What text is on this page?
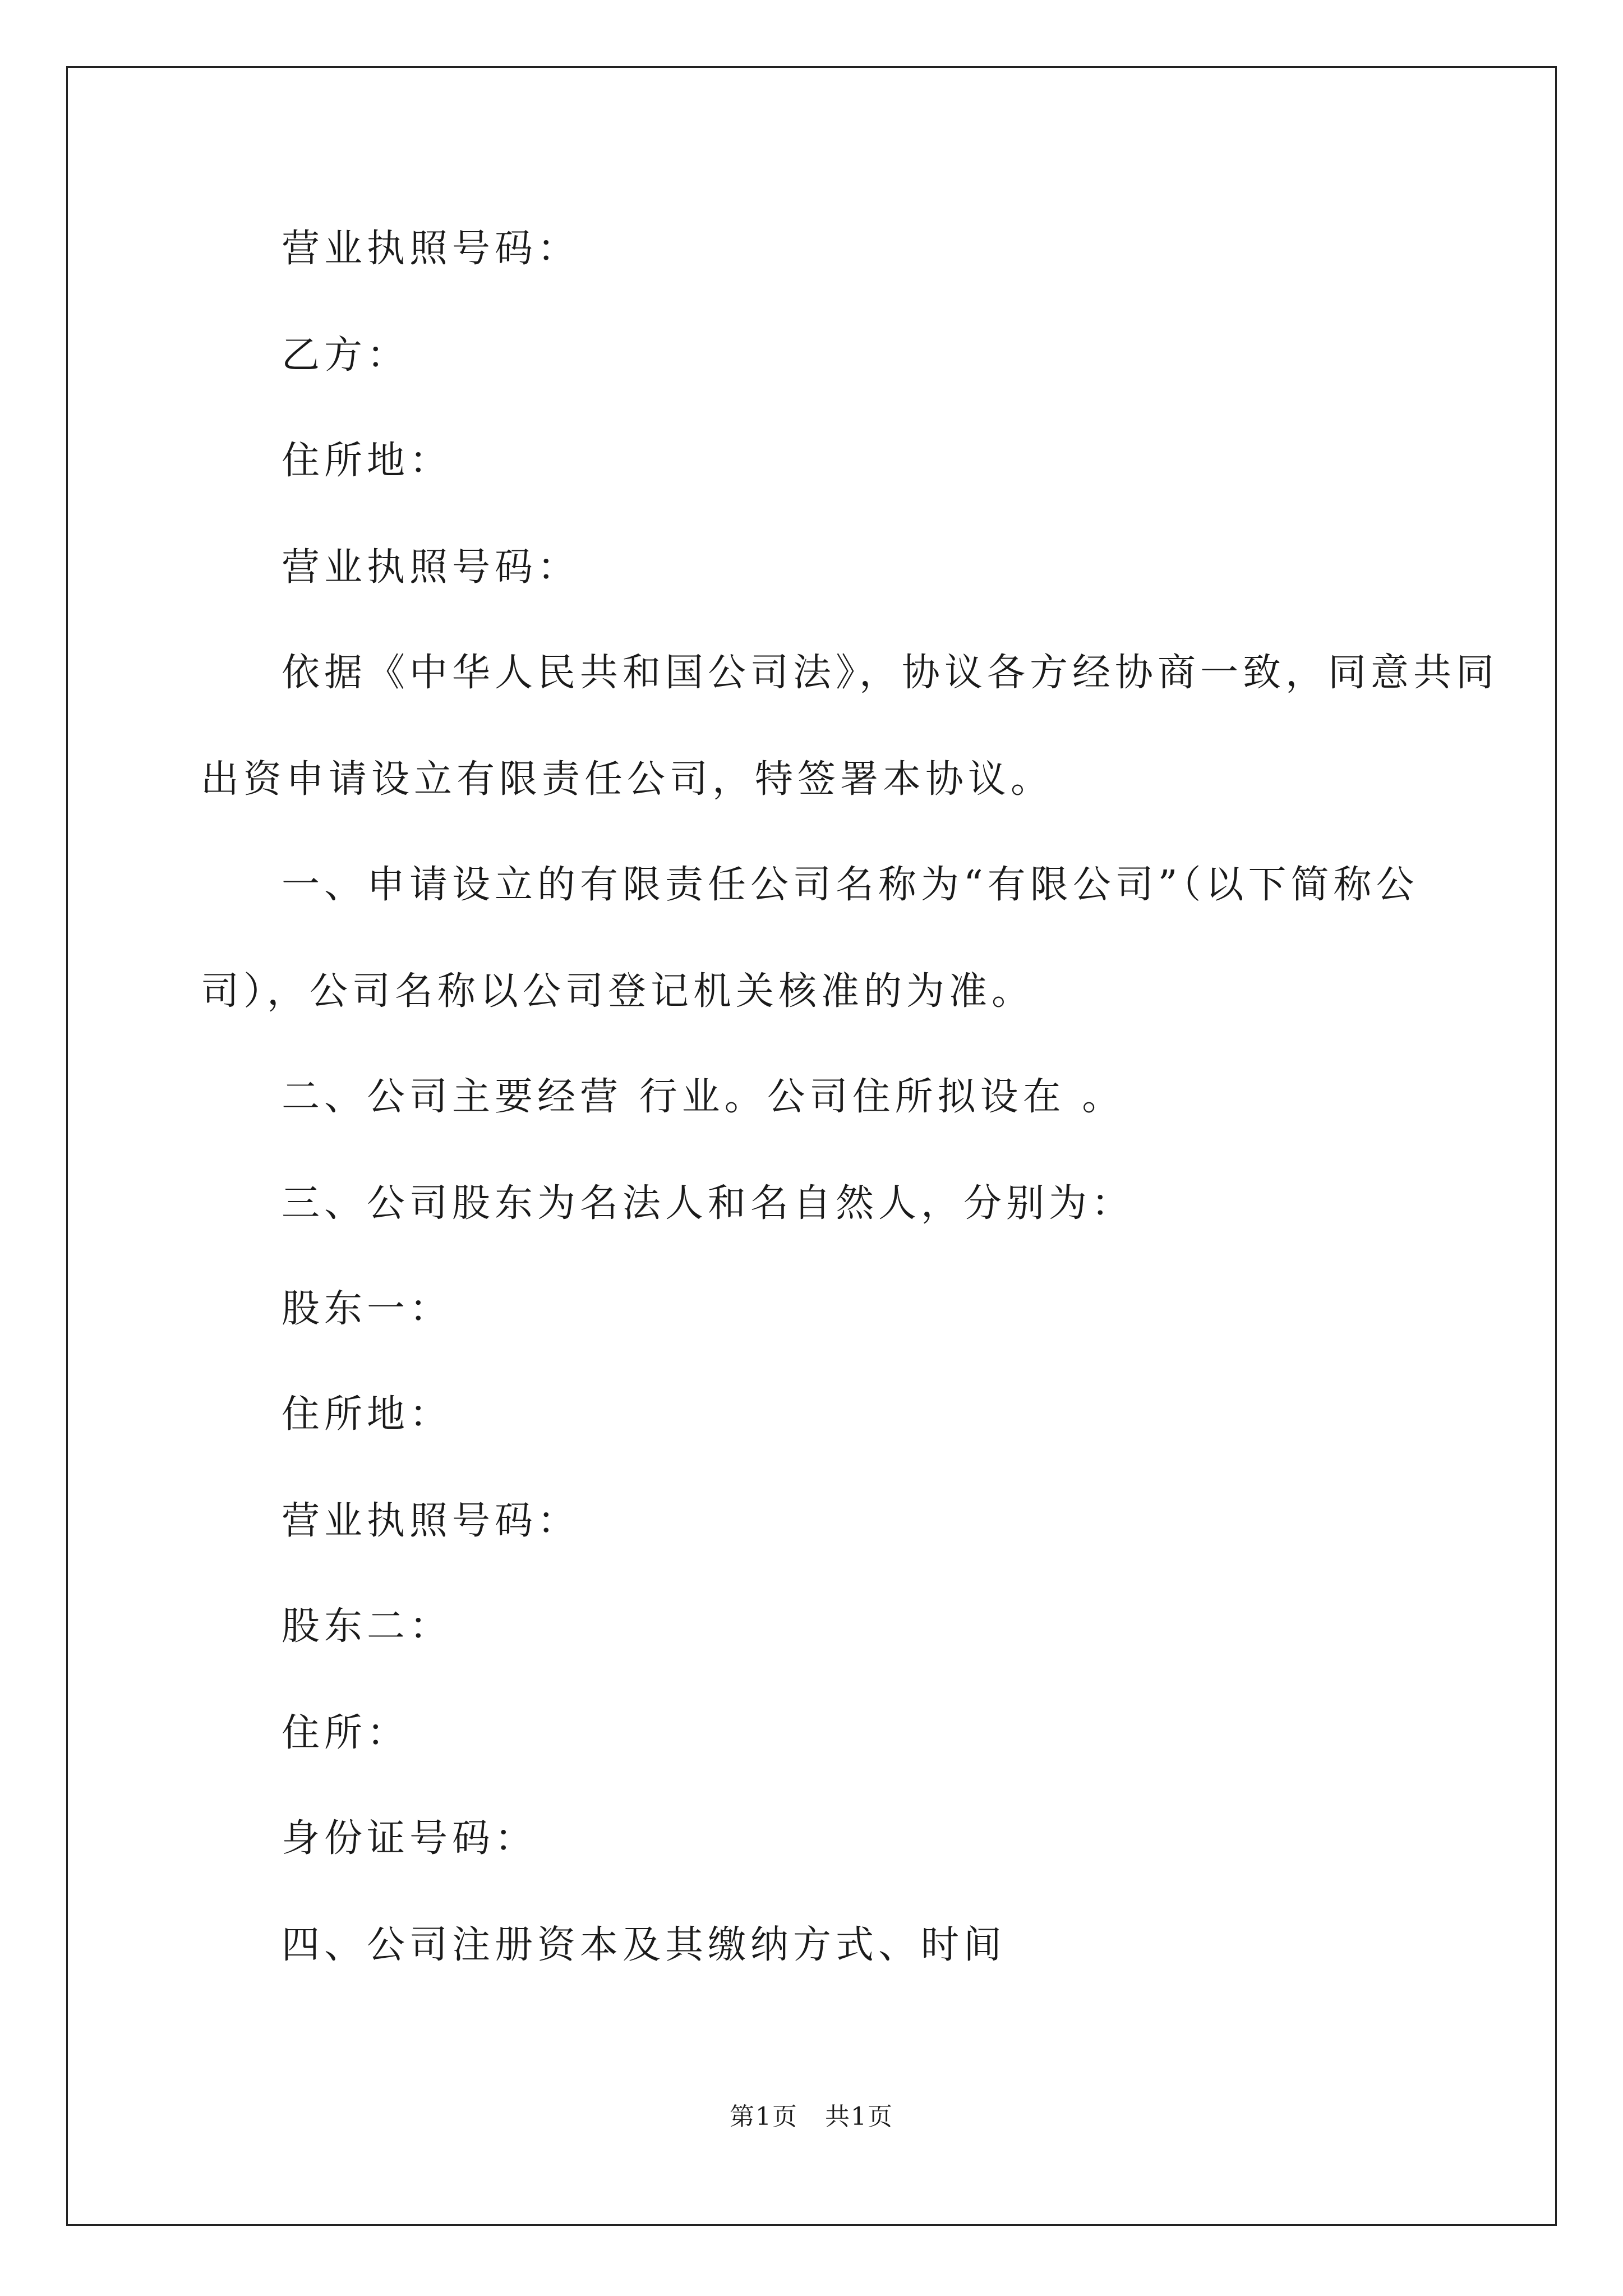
营业执照号码：

乙方：

住所地：

营业执照号码：

依据《中华人民共和国公司法》，协议各方经协商一致，同意共同

出资申请设立有限责任公司，特签署本协议。

一、申请设立的有限责任公司名称为“有限公司”（以下简称公

司），公司名称以公司登记机关核准的为准。

二、公司主要经营 行业。公司住所拟设在 。

三、公司股东为名法人和名自然人，分别为：

股东一：

住所地：

营业执照号码：

股东二：

住所：

身份证号码：

四、公司注册资本及其缴纳方式、时间

第1页 共1页
